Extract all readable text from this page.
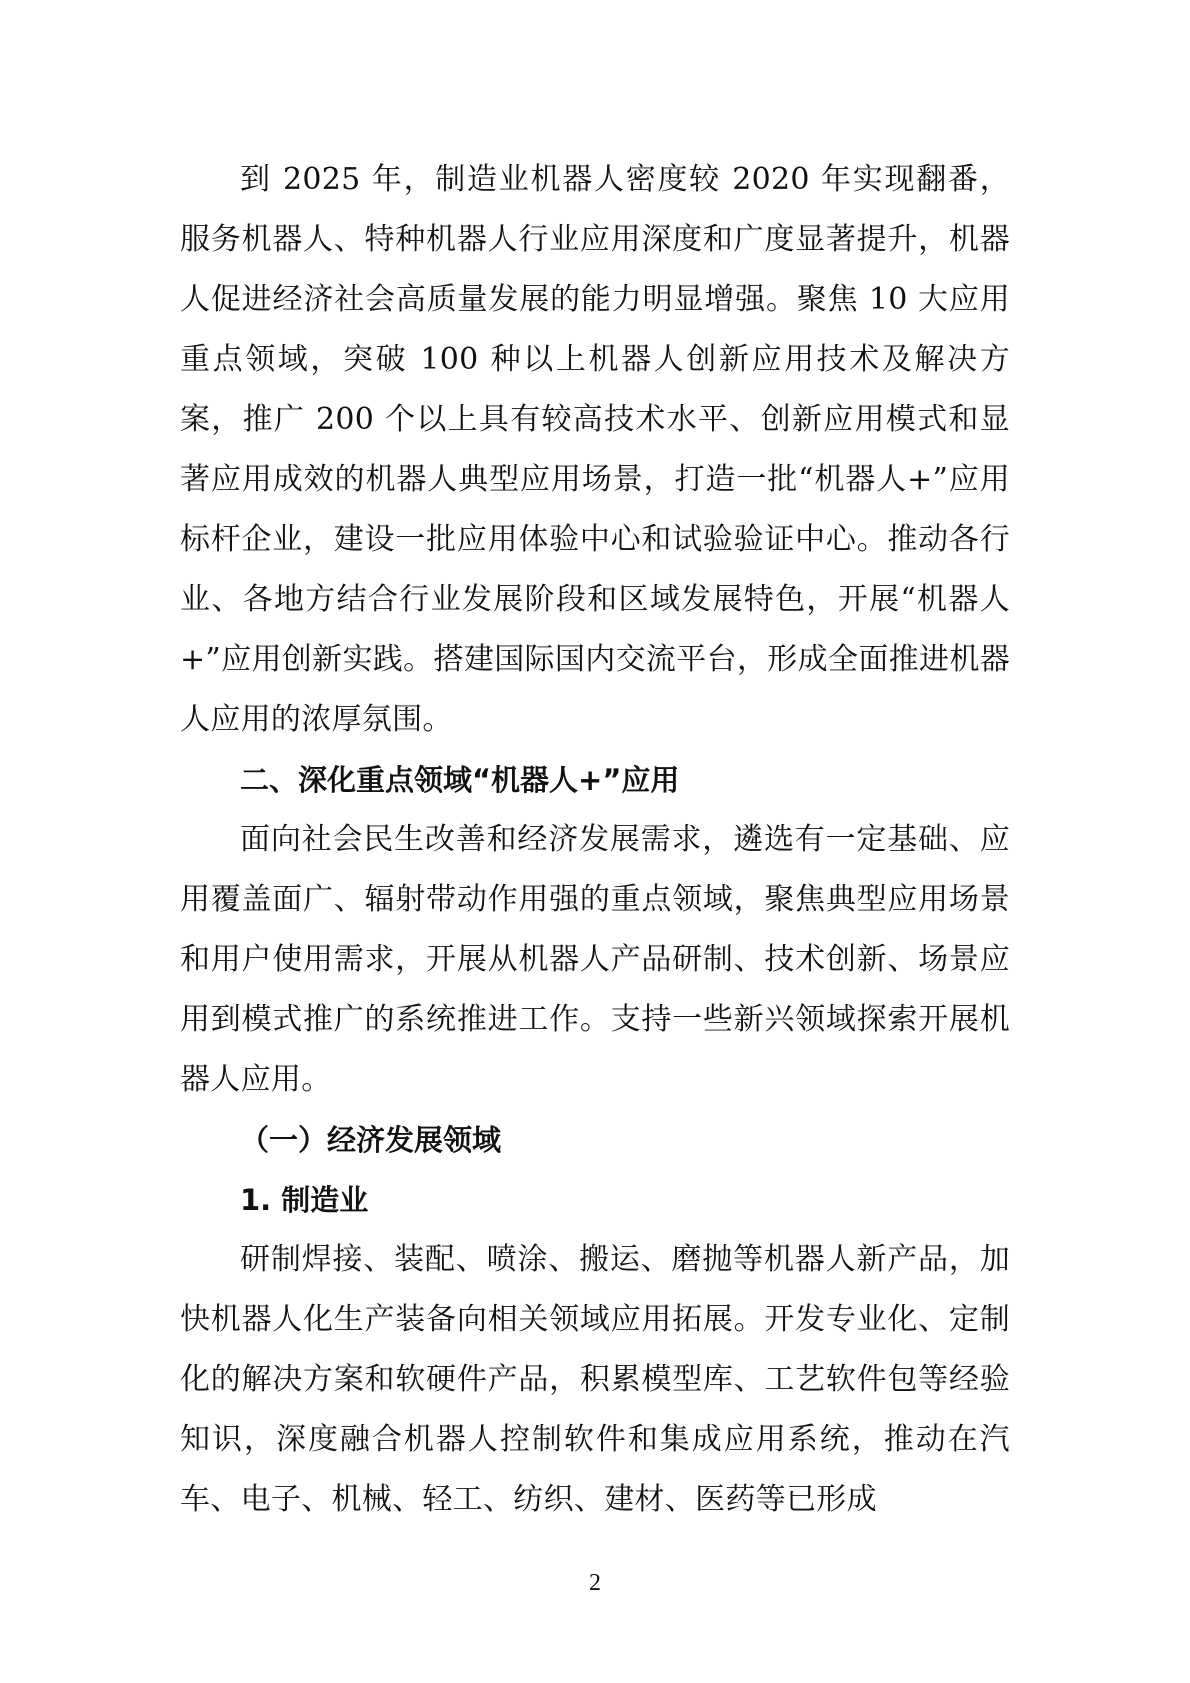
到 2025 年，制造业机器人密度较 2020 年实现翻番，服务机器人、特种机器人行业应用深度和广度显著提升，机器人促进经济社会高质量发展的能力明显增强。聚焦 10 大应用重点领域，突破 100 种以上机器人创新应用技术及解决方案，推广 200 个以上具有较高技术水平、创新应用模式和显著应用成效的机器人典型应用场景，打造一批“机器人+”应用标杆企业，建设一批应用体验中心和试验验证中心。推动各行业、各地方结合行业发展阶段和区域发展特色，开展“机器人+”应用创新实践。搭建国际国内交流平台，形成全面推进机器人应用的浓厚氛围。

二、深化重点领域“机器人+”应用

面向社会民生改善和经济发展需求，遴选有一定基础、应用覆盖面广、辐射带动作用强的重点领域，聚焦典型应用场景和用户使用需求，开展从机器人产品研制、技术创新、场景应用到模式推广的系统推进工作。支持一些新兴领域探索开展机器人应用。

（一）经济发展领域

1. 制造业

研制焊接、装配、喷涂、搬运、磨抛等机器人新产品，加快机器人化生产装备向相关领域应用拓展。开发专业化、定制化的解决方案和软硬件产品，积累模型库、工艺软件包等经验知识，深度融合机器人控制软件和集成应用系统，推动在汽车、电子、机械、轻工、纺织、建材、医药等已形成

2
